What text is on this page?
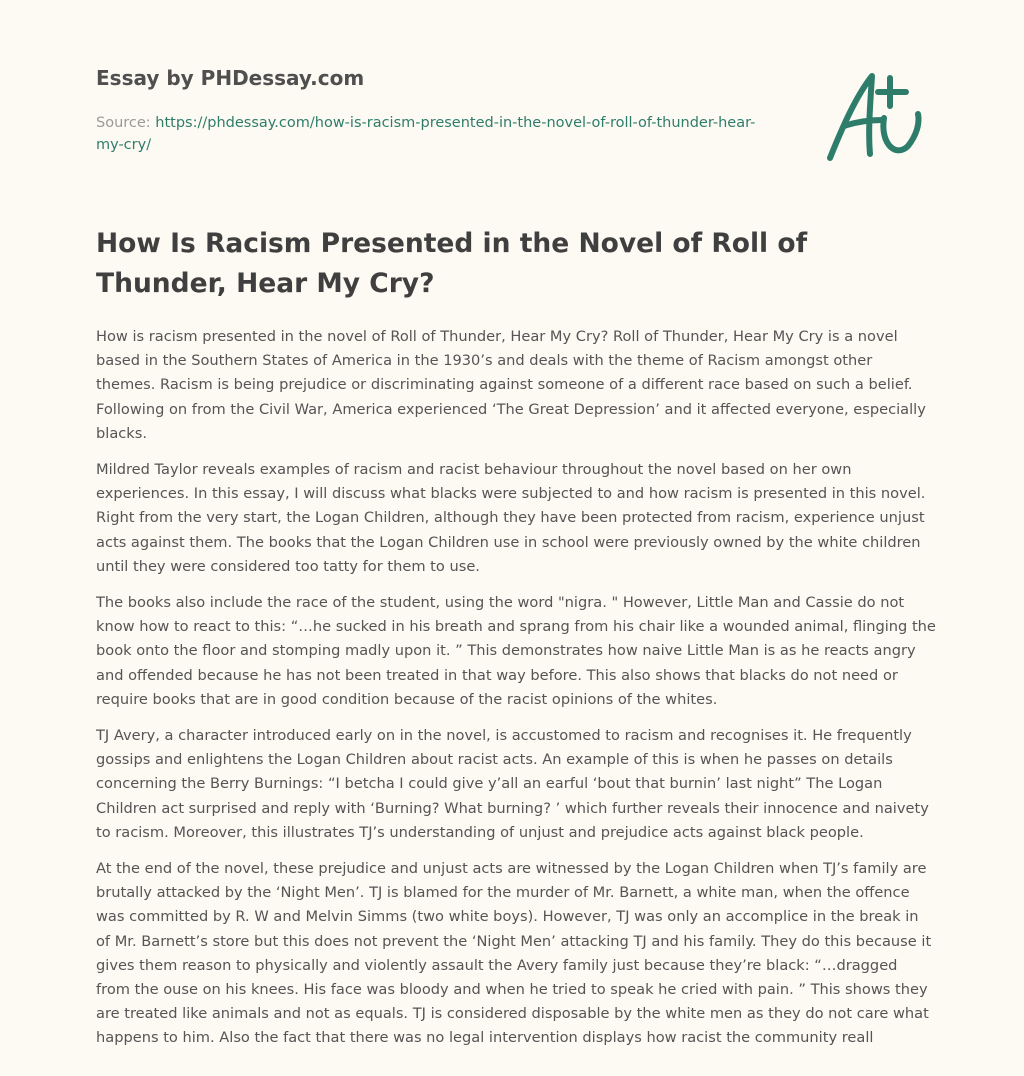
Essay by PHDessay.com
Source: https://phdessay.com/how-is-racism-presented-in-the-novel-of-roll-of-thunder-hear-my-cry/
How Is Racism Presented in the Novel of Roll of Thunder, Hear My Cry?

How is racism presented in the novel of Roll of Thunder, Hear My Cry? Roll of Thunder, Hear My Cry is a novel based in the Southern States of America in the 1930’s and deals with the theme of Racism amongst other themes. Racism is being prejudice or discriminating against someone of a different race based on such a belief. Following on from the Civil War, America experienced ‘The Great Depression’ and it affected everyone, especially blacks.

Mildred Taylor reveals examples of racism and racist behaviour throughout the novel based on her own experiences. In this essay, I will discuss what blacks were subjected to and how racism is presented in this novel. Right from the very start, the Logan Children, although they have been protected from racism, experience unjust acts against them. The books that the Logan Children use in school were previously owned by the white children until they were considered too tatty for them to use.

The books also include the race of the student, using the word "nigra. " However, Little Man and Cassie do not know how to react to this: “…he sucked in his breath and sprang from his chair like a wounded animal, flinging the book onto the floor and stomping madly upon it. ” This demonstrates how naive Little Man is as he reacts angry and offended because he has not been treated in that way before. This also shows that blacks do not need or require books that are in good condition because of the racist opinions of the whites.

TJ Avery, a character introduced early on in the novel, is accustomed to racism and recognises it. He frequently gossips and enlightens the Logan Children about racist acts. An example of this is when he passes on details concerning the Berry Burnings: “I betcha I could give y’all an earful ‘bout that burnin’ last night” The Logan Children act surprised and reply with ‘Burning? What burning? ’ which further reveals their innocence and naivety to racism. Moreover, this illustrates TJ’s understanding of unjust and prejudice acts against black people.

At the end of the novel, these prejudice and unjust acts are witnessed by the Logan Children when TJ’s family are brutally attacked by the ‘Night Men’. TJ is blamed for the murder of Mr. Barnett, a white man, when the offence was committed by R. W and Melvin Simms (two white boys). However, TJ was only an accomplice in the break in of Mr. Barnett’s store but this does not prevent the ‘Night Men’ attacking TJ and his family. They do this because it gives them reason to physically and violently assault the Avery family just because they’re black: “…dragged from the ouse on his knees. His face was bloody and when he tried to speak he cried with pain. ” This shows they are treated like animals and not as equals. TJ is considered disposable by the white men as they do not care what happens to him. Also the fact that there was no legal intervention displays how racist the community reall
